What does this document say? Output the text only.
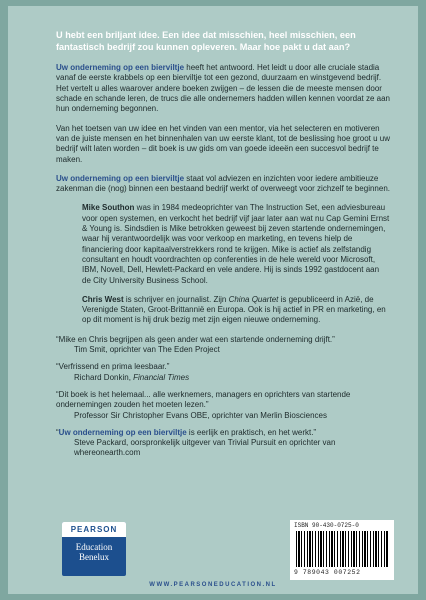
U hebt een briljant idee. Een idee dat misschien, heel misschien, een fantastisch bedrijf zou kunnen opleveren. Maar hoe pakt u dat aan?

Uw onderneming op een bierviltje heeft het antwoord. Het leidt u door alle cruciale stadia vanaf de eerste krabbels op een bierviltje tot een gezond, duurzaam en winstgevend bedrijf. Het vertelt u alles waarover andere boeken zwijgen – de lessen die de meeste mensen door schade en schande leren, de trucs die alle ondernemers hadden willen kennen voordat ze aan hun onderneming begonnen.

Van het toetsen van uw idee en het vinden van een mentor, via het selecteren en motiveren van de juiste mensen en het binnenhalen van uw eerste klant, tot de beslissing hoe groot u uw bedrijf wilt laten worden – dit boek is uw gids om van goede ideeën een succesvol bedrijf te maken.

Uw onderneming op een bierviltje staat vol adviezen en inzichten voor iedere ambitieuze zakenman die (nog) binnen een bestaand bedrijf werkt of overweegt voor zichzelf te beginnen.

Mike Southon was in 1984 medeoprichter van The Instruction Set, een adviesbureau voor open systemen, en verkocht het bedrijf vijf jaar later aan wat nu Cap Gemini Ernst & Young is. Sindsdien is Mike betrokken geweest bij zeven startende ondernemingen, waar hij verantwoordelijk was voor verkoop en marketing, en tevens hielp de financiering door kapitaalverstrekkers rond te krijgen. Mike is actief als zelfstandig consultant en houdt voordrachten op conferenties in de hele wereld voor Microsoft, IBM, Novell, Dell, Hewlett-Packard en vele andere. Hij is sinds 1992 gastdocent aan de City University Business School.

Chris West is schrijver en journalist. Zijn China Quartet is gepubliceerd in Azië, de Verenigde Staten, Groot-Brittannië en Europa. Ook is hij actief in PR en marketing, en op dit moment is hij druk bezig met zijn eigen nieuwe onderneming.

“Mike en Chris begrijpen als geen ander wat een startende onderneming drijft.”
Tim Smit, oprichter van The Eden Project
“Verfrissend en prima leesbaar.”
Richard Donkin, Financial Times
“Dit boek is het helemaal... alle werknemers, managers en oprichters van startende ondernemingen zouden het moeten lezen.”
Professor Sir Christopher Evans OBE, oprichter van Merlin Biosciences
“Uw onderneming op een bierviltje is eerlijk en praktisch, en het werkt.”
Steve Packard, oorspronkelijk uitgever van Trivial Pursuit en oprichter van whereonearth.com
PEARSON
Education
Benelux
WWW.PEARSONEDUCATION.NL
ISBN 90-430-0725-0
9 789043 007252
